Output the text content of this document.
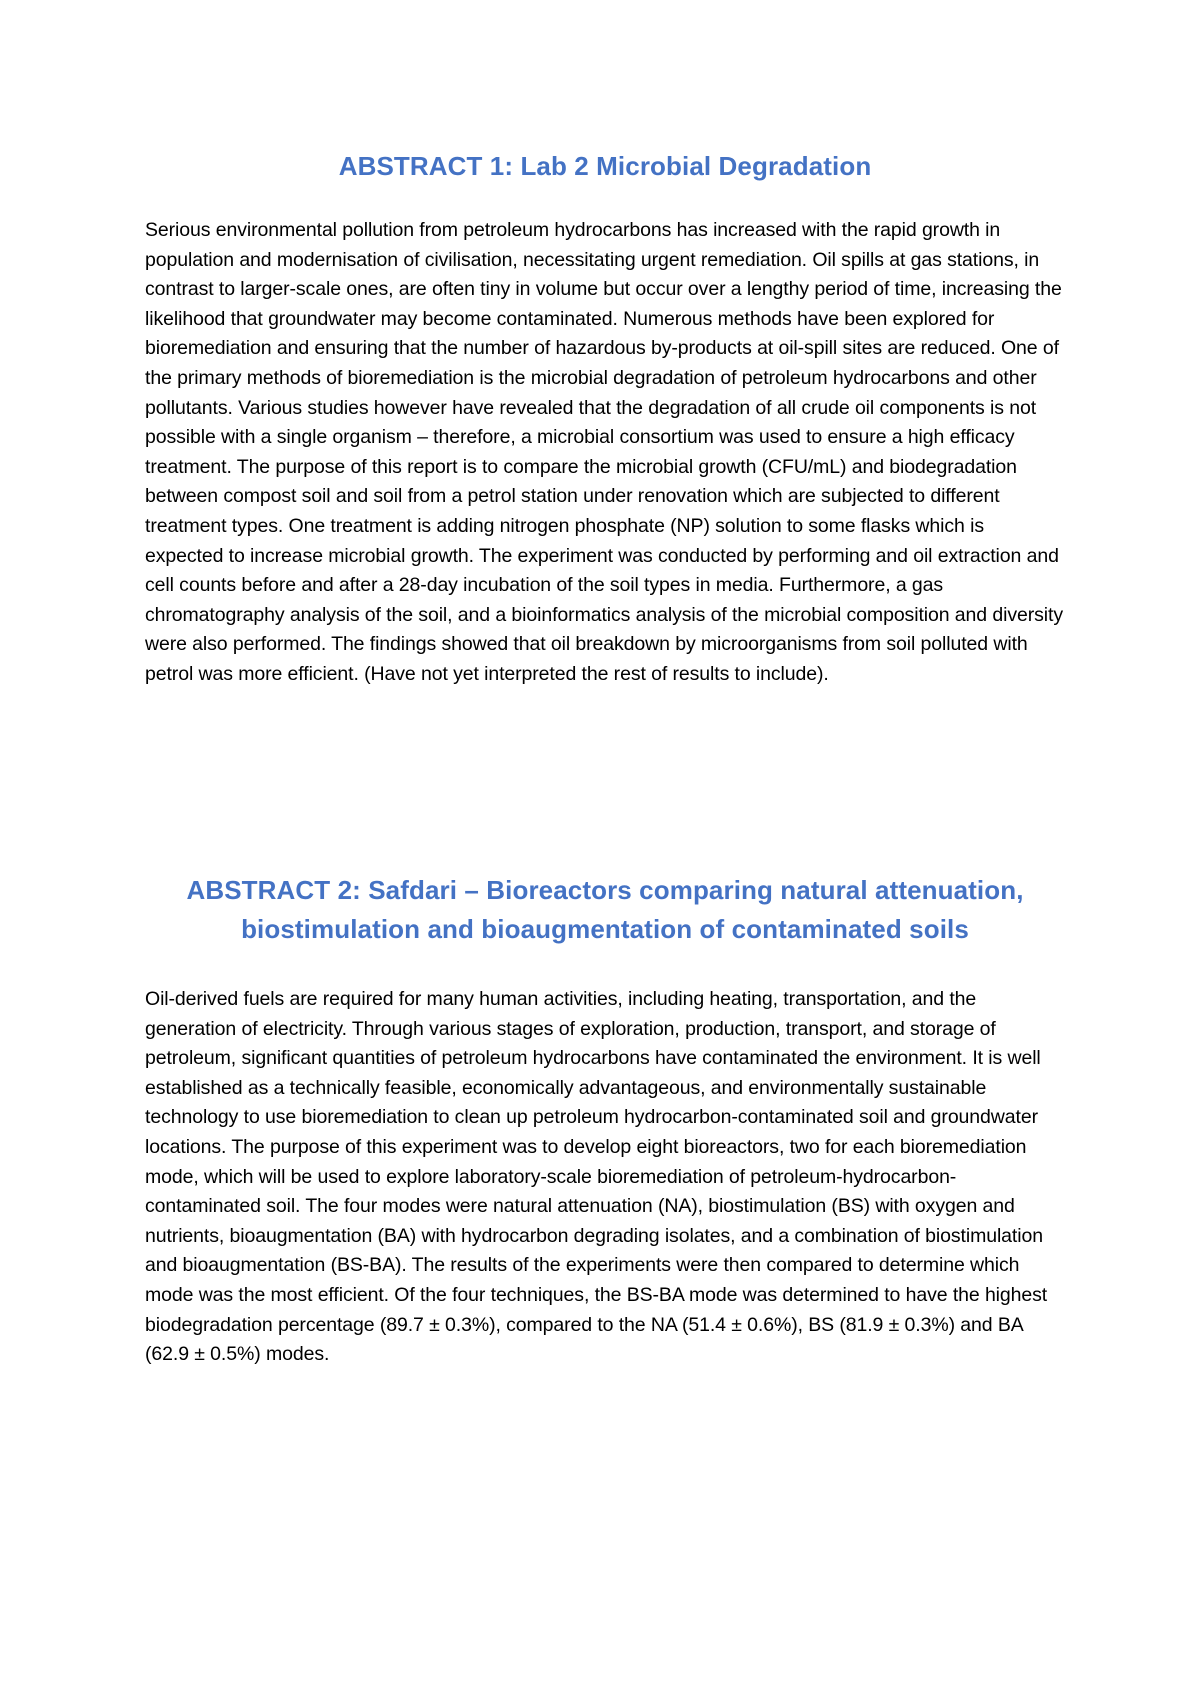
ABSTRACT 1: Lab 2 Microbial Degradation

Serious environmental pollution from petroleum hydrocarbons has increased with the rapid growth in population and modernisation of civilisation, necessitating urgent remediation. Oil spills at gas stations, in contrast to larger-scale ones, are often tiny in volume but occur over a lengthy period of time, increasing the likelihood that groundwater may become contaminated. Numerous methods have been explored for bioremediation and ensuring that the number of hazardous by-products at oil-spill sites are reduced. One of the primary methods of bioremediation is the microbial degradation of petroleum hydrocarbons and other pollutants. Various studies however have revealed that the degradation of all crude oil components is not possible with a single organism – therefore, a microbial consortium was used to ensure a high efficacy treatment. The purpose of this report is to compare the microbial growth (CFU/mL) and biodegradation between compost soil and soil from a petrol station under renovation which are subjected to different treatment types. One treatment is adding nitrogen phosphate (NP) solution to some flasks which is expected to increase microbial growth. The experiment was conducted by performing and oil extraction and cell counts before and after a 28-day incubation of the soil types in media. Furthermore, a gas chromatography analysis of the soil, and a bioinformatics analysis of the microbial composition and diversity were also performed. The findings showed that oil breakdown by microorganisms from soil polluted with petrol was more efficient. (Have not yet interpreted the rest of results to include).

ABSTRACT 2: Safdari – Bioreactors comparing natural attenuation, biostimulation and bioaugmentation of contaminated soils

Oil-derived fuels are required for many human activities, including heating, transportation, and the generation of electricity. Through various stages of exploration, production, transport, and storage of petroleum, significant quantities of petroleum hydrocarbons have contaminated the environment. It is well established as a technically feasible, economically advantageous, and environmentally sustainable technology to use bioremediation to clean up petroleum hydrocarbon-contaminated soil and groundwater locations. The purpose of this experiment was to develop eight bioreactors, two for each bioremediation mode, which will be used to explore laboratory-scale bioremediation of petroleum-hydrocarbon-contaminated soil. The four modes were natural attenuation (NA), biostimulation (BS) with oxygen and nutrients, bioaugmentation (BA) with hydrocarbon degrading isolates, and a combination of biostimulation and bioaugmentation (BS-BA). The results of the experiments were then compared to determine which mode was the most efficient. Of the four techniques, the BS-BA mode was determined to have the highest biodegradation percentage (89.7 ± 0.3%), compared to the NA (51.4 ± 0.6%), BS (81.9 ± 0.3%) and BA (62.9 ± 0.5%) modes.
